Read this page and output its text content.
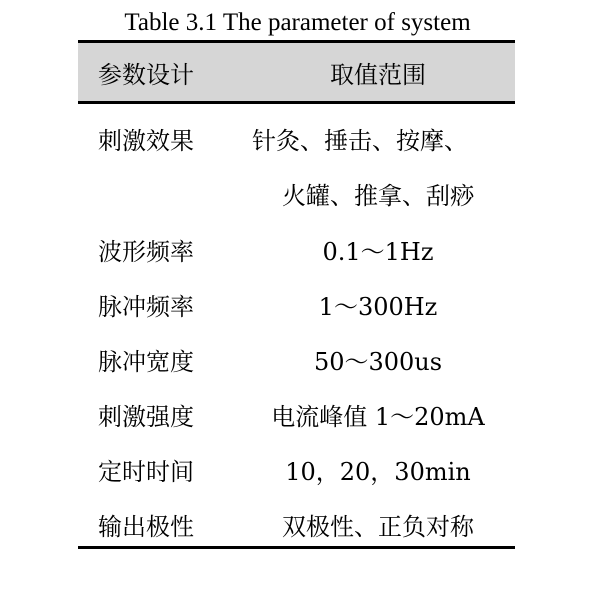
Table 3.1 The parameter of system
参数设计	取值范围
刺激效果	针灸、捶击、按摩、
火罐、推拿、刮痧
波形频率	0.1～1Hz
脉冲频率	1～300Hz
脉冲宽度	50～300us
刺激强度	电流峰值 1～20mA
定时时间	10，20，30min
输出极性	双极性、正负对称
